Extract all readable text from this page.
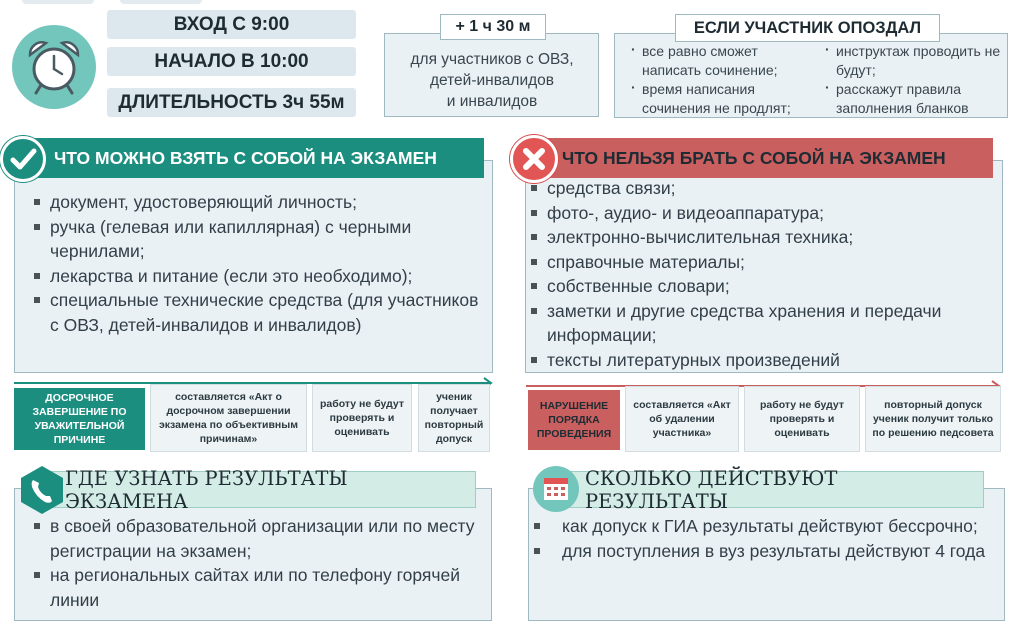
ВХОД С 9:00
НАЧАЛО В 10:00
ДЛИТЕЛЬНОСТЬ 3ч 55м
+ 1 ч 30 м
для участников с ОВЗ,
детей-инвалидов
и инвалидов
ЕСЛИ УЧАСТНИК ОПОЗДАЛ
· все равно сможет написать сочинение;
· время написания сочинения не продлят;
· инструктаж проводить не будут;
· расскажут правила заполнения бланков
ЧТО МОЖНО ВЗЯТЬ С СОБОЙ НА ЭКЗАМЕН
документ, удостоверяющий личность;
ручка (гелевая или капиллярная) с черными чернилами;
лекарства и питание (если это необходимо);
специальные технические средства (для участников с ОВЗ, детей-инвалидов и инвалидов)
ЧТО НЕЛЬЗЯ БРАТЬ С СОБОЙ НА ЭКЗАМЕН
средства связи;
фото-, аудио- и видеоаппаратура;
электронно-вычислительная техника;
справочные материалы;
собственные словари;
заметки и другие средства хранения и передачи информации;
тексты литературных произведений
ДОСРОЧНОЕ ЗАВЕРШЕНИЕ ПО УВАЖИТЕЛЬНОЙ ПРИЧИНЕ
составляется «Акт о досрочном завершении экзамена по объективным причинам»
работу не будут проверять и оценивать
ученик получает повторный допуск
НАРУШЕНИЕ ПОРЯДКА ПРОВЕДЕНИЯ
составляется «Акт об удалении участника»
работу не будут проверять и оценивать
повторный допуск ученик получит только по решению педсовета
ГДЕ УЗНАТЬ РЕЗУЛЬТАТЫ ЭКЗАМЕНА
в своей образовательной организации или по месту регистрации на экзамен;
на региональных сайтах или по телефону горячей линии
СКОЛЬКО ДЕЙСТВУЮТ РЕЗУЛЬТАТЫ
как допуск к ГИА результаты действуют бессрочно;
для поступления в вуз результаты действуют 4 года
